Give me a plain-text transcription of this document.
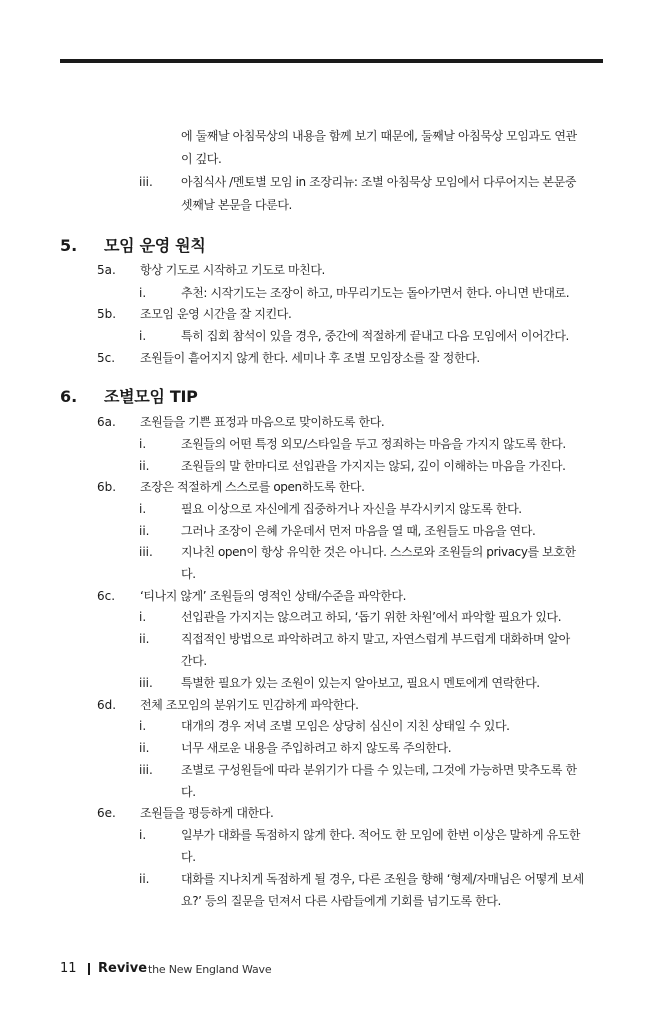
에 둘째날 아침묵상의 내용을 함께 보기 때문에, 둘째날 아침묵상 모임과도 연관
이 깊다.
iii. 아침식사 /멘토별 모임 in 조장리뉴: 조별 아침묵상 모임에서 다루어지는 본문중
셋째날 본문을 다룬다.
5. 모임 운영 원칙
5a. 항상 기도로 시작하고 기도로 마친다.
i.	추천: 시작기도는 조장이 하고, 마무리기도는 돌아가면서 한다. 아니면 반대로.
5b. 조모임 운영 시간을 잘 지킨다.
i.	특히 집회 참석이 있을 경우, 중간에 적절하게 끝내고 다음 모임에서 이어간다.
5c. 조원들이 흩어지지 않게 한다. 세미나 후 조별 모임장소를 잘 정한다.
6. 조별모임 TIP
6a. 조원들을 기쁜 표정과 마음으로 맞이하도록 한다.
i.	조원들의 어떤 특정 외모/스타일을 두고 정죄하는 마음을 가지지 않도록 한다.
ii.	조원들의 말 한마디로 선입관을 가지지는 않되, 깊이 이해하는 마음을 가진다.
6b. 조장은 적절하게 스스로를 open하도록 한다.
i.	필요 이상으로 자신에게 집중하거나 자신을 부각시키지 않도록 한다.
ii.	그러나 조장이 은혜 가운데서 먼저 마음을 열 때, 조원들도 마음을 연다.
iii. 지나친 open이 항상 유익한 것은 아니다. 스스로와 조원들의 privacy를 보호한
다.
6c. ‘티나지 않게’ 조원들의 영적인 상태/수준을 파악한다.
i.	선입관을 가지지는 않으려고 하되, ‘돕기 위한 차원’에서 파악할 필요가 있다.
ii.	직접적인 방법으로 파악하려고 하지 말고, 자연스럽게 부드럽게 대화하며 알아
간다.
iii. 특별한 필요가 있는 조원이 있는지 알아보고, 필요시 멘토에게 연락한다.
6d. 전체 조모임의 분위기도 민감하게 파악한다.
i.	대개의 경우 저녁 조별 모임은 상당히 심신이 지친 상태일 수 있다.
ii.	너무 새로운 내용을 주입하려고 하지 않도록 주의한다.
iii. 조별로 구성원들에 따라 분위기가 다를 수 있는데, 그것에 가능하면 맞추도록 한
다.
6e. 조원들을 평등하게 대한다.
i.	일부가 대화를 독점하지 않게 한다. 적어도 한 모임에 한번 이상은 말하게 유도한
다.
ii.	대화를 지나치게 독점하게 될 경우, 다른 조원을 향해 ‘형제/자매님은 어떻게 보세
요?’ 등의 질문을 던져서 다른 사람들에게 기회를 넘기도록 한다.
11 Revive the New England Wave
